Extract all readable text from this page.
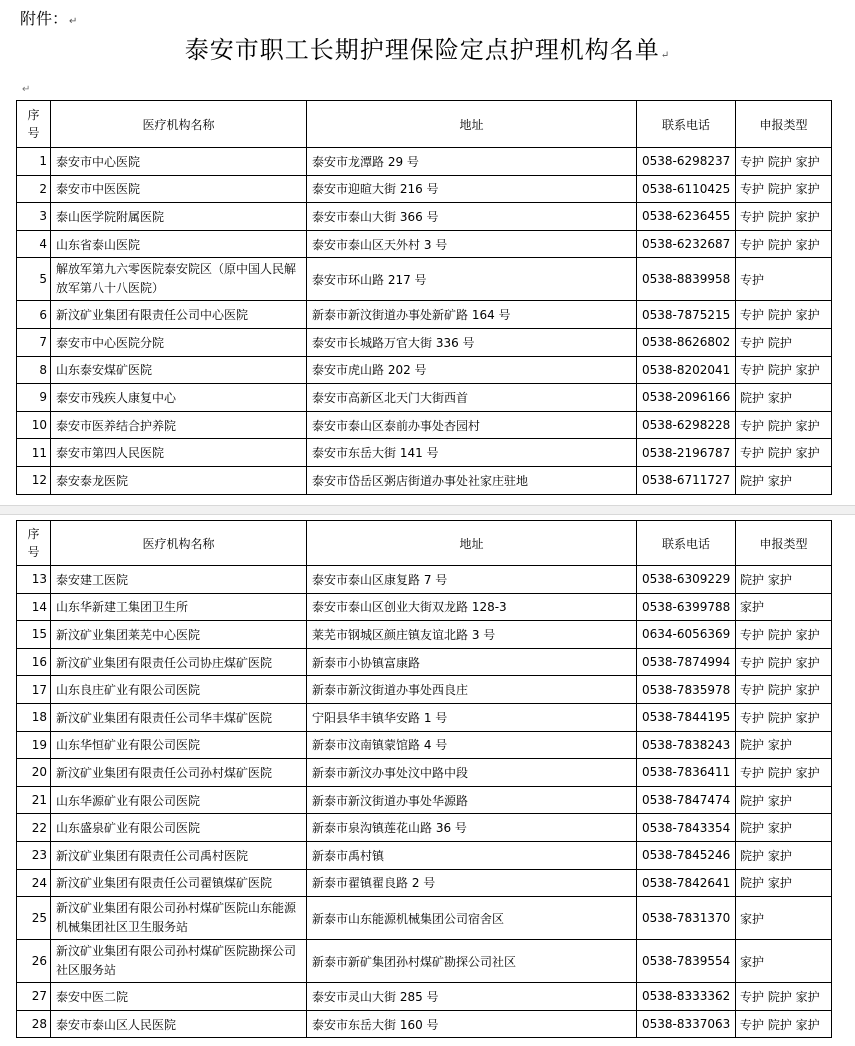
附件：↵
泰安市职工长期护理保险定点护理机构名单↵
↵
序
号	医疗机构名称	地址	联系电话	申报类型
1	泰安市中心医院	泰安市龙潭路 29 号	0538-6298237	专护 院护 家护
2	泰安市中医医院	泰安市迎暄大街 216 号	0538-6110425	专护 院护 家护
3	泰山医学院附属医院	泰安市泰山大街 366 号	0538-6236455	专护 院护 家护
4	山东省泰山医院	泰安市泰山区天外村 3 号	0538-6232687	专护 院护 家护
5	解放军第九六零医院泰安院区（原中国人民解放军第八十八医院）	泰安市环山路 217 号	0538-8839958	专护
6	新汶矿业集团有限责任公司中心医院	新泰市新汶街道办事处新矿路 164 号	0538-7875215	专护 院护 家护
7	泰安市中心医院分院	泰安市长城路万官大街 336 号	0538-8626802	专护 院护
8	山东泰安煤矿医院	泰安市虎山路 202 号	0538-8202041	专护 院护 家护
9	泰安市残疾人康复中心	泰安市高新区北天门大街西首	0538-2096166	院护 家护
10	泰安市医养结合护养院	泰安市泰山区泰前办事处杏园村	0538-6298228	专护 院护 家护
11	泰安市第四人民医院	泰安市东岳大街 141 号	0538-2196787	专护 院护 家护
12	泰安泰龙医院	泰安市岱岳区粥店街道办事处社家庄驻地	0538-6711727	院护 家护
序
号	医疗机构名称	地址	联系电话	申报类型
13	泰安建工医院	泰安市泰山区康复路 7 号	0538-6309229	院护 家护
14	山东华新建工集团卫生所	泰安市泰山区创业大街双龙路 128-3	0538-6399788	家护
15	新汶矿业集团莱芜中心医院	莱芜市钢城区颜庄镇友谊北路 3 号	0634-6056369	专护 院护 家护
16	新汶矿业集团有限责任公司协庄煤矿医院	新泰市小协镇富康路	0538-7874994	专护 院护 家护
17	山东良庄矿业有限公司医院	新泰市新汶街道办事处西良庄	0538-7835978	专护 院护 家护
18	新汶矿业集团有限责任公司华丰煤矿医院	宁阳县华丰镇华安路 1 号	0538-7844195	专护 院护 家护
19	山东华恒矿业有限公司医院	新泰市汶南镇蒙馆路 4 号	0538-7838243	院护 家护
20	新汶矿业集团有限责任公司孙村煤矿医院	新泰市新汶办事处汶中路中段	0538-7836411	专护 院护 家护
21	山东华源矿业有限公司医院	新泰市新汶街道办事处华源路	0538-7847474	院护 家护
22	山东盛泉矿业有限公司医院	新泰市泉沟镇莲花山路 36 号	0538-7843354	院护 家护
23	新汶矿业集团有限责任公司禹村医院	新泰市禹村镇	0538-7845246	院护 家护
24	新汶矿业集团有限责任公司翟镇煤矿医院	新泰市翟镇翟良路 2 号	0538-7842641	院护 家护
25	新汶矿业集团有限公司孙村煤矿医院山东能源机械集团社区卫生服务站	新泰市山东能源机械集团公司宿舍区	0538-7831370	家护
26	新汶矿业集团有限公司孙村煤矿医院勘探公司社区服务站	新泰市新矿集团孙村煤矿勘探公司社区	0538-7839554	家护
27	泰安中医二院	泰安市灵山大街 285 号	0538-8333362	专护 院护 家护
28	泰安市泰山区人民医院	泰安市东岳大街 160 号	0538-8337063	专护 院护 家护
